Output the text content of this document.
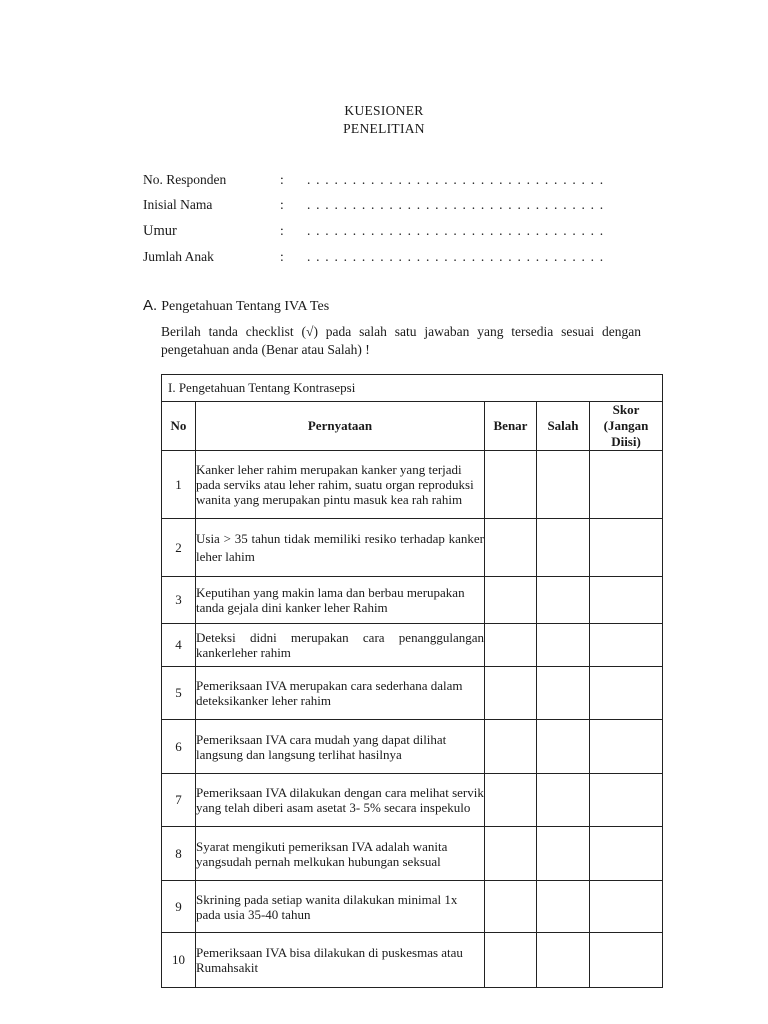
KUESIONER
PENELITIAN
No. Responden	: . . . . . . . . . . . . . . . . . . . . . . . . . . . . . . . . .
Inisial Nama	: . . . . . . . . . . . . . . . . . . . . . . . . . . . . . . . . .
Umur	: . . . . . . . . . . . . . . . . . . . . . . . . . . . . . . . . .
Jumlah Anak	: . . . . . . . . . . . . . . . . . . . . . . . . . . . . . . . . .
A. Pengetahuan Tentang IVA Tes
Berilah tanda checklist (√) pada salah satu jawaban yang tersedia sesuai dengan pengetahuan anda (Benar atau Salah) !
I. Pengetahuan Tentang Kontrasepsi				
No	Pernyataan	Benar	Salah	Skor
(Jangan
Diisi)

1	Kanker leher rahim merupakan kanker yang terjadi pada serviks atau leher rahim, suatu organ reproduksi wanita yang merupakan pintu masuk kea rah rahim			
2	Usia > 35 tahun tidak memiliki resiko terhadap kanker leher lahim			
3	Keputihan yang makin lama dan berbau merupakan tanda gejala dini kanker leher Rahim			
4	Deteksi didni merupakan cara penanggulangan kankerleher rahim			
5	Pemeriksaan IVA merupakan cara sederhana dalam deteksikanker leher rahim			
6	Pemeriksaan IVA cara mudah yang dapat dilihat langsung dan langsung terlihat hasilnya			
7	Pemeriksaan IVA dilakukan dengan cara melihat servik yang telah diberi asam asetat 3- 5% secara inspekulo			
8	Syarat mengikuti pemeriksan IVA adalah wanita yangsudah pernah melkukan hubungan seksual			
9	Skrining pada setiap wanita dilakukan minimal 1x pada usia 35-40 tahun			
10	Pemeriksaan IVA bisa dilakukan di puskesmas atau Rumahsakit			
